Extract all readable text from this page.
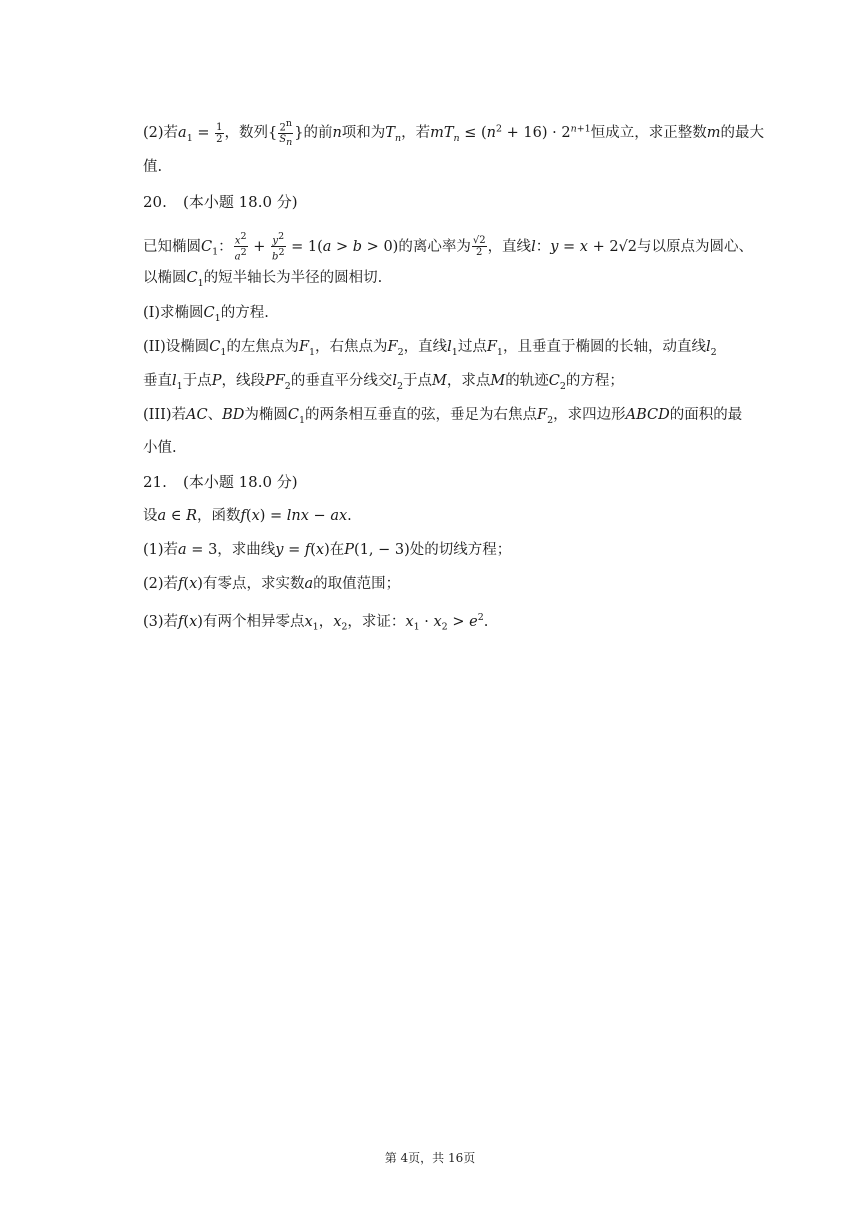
(2)若$a_1 = \frac{1}{2}$ ，数列{ $\frac{2^n}{S_n}$ }的前n项和为$T_n$，若$mT_n \le (n^2 + 16) \cdot 2^{n+1}$恒成立，求正整数m的最大
值.
20. (本小题 18.0 分)
已知椭圆$C_1$： $\frac{x^2}{a^2} + \frac{y^2}{b^2} = 1(a > b > 0)$的离心率为 $\frac{√2}{2}$ ，直线l：y = x + 2√2与以原点为圆心、
以椭圆$C_1$的短半轴长为半径的圆相切.
(I)求椭圆$C_1$的方程.
(II)设椭圆$C_1$的左焦点为$F_1$，右焦点为$F_2$，直线$l_1$过点$F_1$，且垂直于椭圆的长轴，动直线$l_2$
垂直$l_1$于点P，线段$PF_2$的垂直平分线交$l_2$于点M，求点M的轨迹$C_2$的方程；
(III)若AC、BD为椭圆$C_1$的两条相互垂直的弦，垂足为右焦点$F_2$，求四边形ABCD的面积的最
小值.
21. (本小题 18.0 分)
设a ∈ R，函数f(x) = lnx − ax.
(1)若a = 3，求曲线y = f(x)在P(1, − 3)处的切线方程；
(2)若f(x)有零点，求实数a的取值范围；
(3)若f(x)有两个相异零点$x_1$，$x_2$，求证：$x_1 \cdot x_2 > e^2$.
第 4页，共 16页
